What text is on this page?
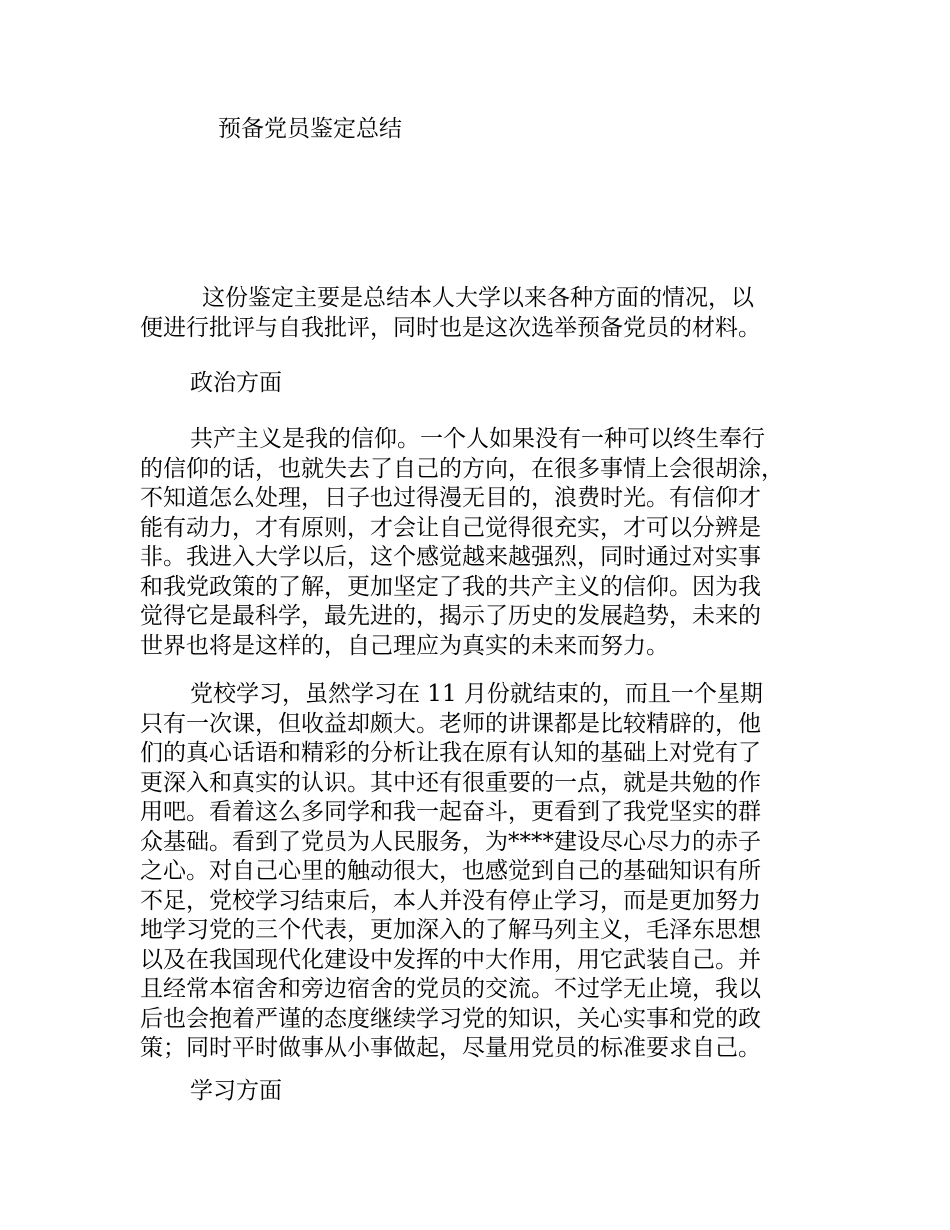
预备党员鉴定总结
这份鉴定主要是总结本人大学以来各种方面的情况，以
便进行批评与自我批评，同时也是这次选举预备党员的材料。
政治方面
共产主义是我的信仰。一个人如果没有一种可以终生奉行
的信仰的话，也就失去了自己的方向，在很多事情上会很胡涂，
不知道怎么处理，日子也过得漫无目的，浪费时光。有信仰才
能有动力，才有原则，才会让自己觉得很充实，才可以分辨是
非。我进入大学以后，这个感觉越来越强烈，同时通过对实事
和我党政策的了解，更加坚定了我的共产主义的信仰。因为我
觉得它是最科学，最先进的，揭示了历史的发展趋势，未来的
世界也将是这样的，自己理应为真实的未来而努力。
党校学习，虽然学习在 11 月份就结束的，而且一个星期
只有一次课，但收益却颇大。老师的讲课都是比较精辟的，他
们的真心话语和精彩的分析让我在原有认知的基础上对党有了
更深入和真实的认识。其中还有很重要的一点，就是共勉的作
用吧。看着这么多同学和我一起奋斗，更看到了我党坚实的群
众基础。看到了党员为人民服务，为****建设尽心尽力的赤子
之心。对自己心里的触动很大，也感觉到自己的基础知识有所
不足，党校学习结束后，本人并没有停止学习，而是更加努力
地学习党的三个代表，更加深入的了解马列主义，毛泽东思想
以及在我国现代化建设中发挥的中大作用，用它武装自己。并
且经常本宿舍和旁边宿舍的党员的交流。不过学无止境，我以
后也会抱着严谨的态度继续学习党的知识，关心实事和党的政
策；同时平时做事从小事做起，尽量用党员的标准要求自己。
学习方面
